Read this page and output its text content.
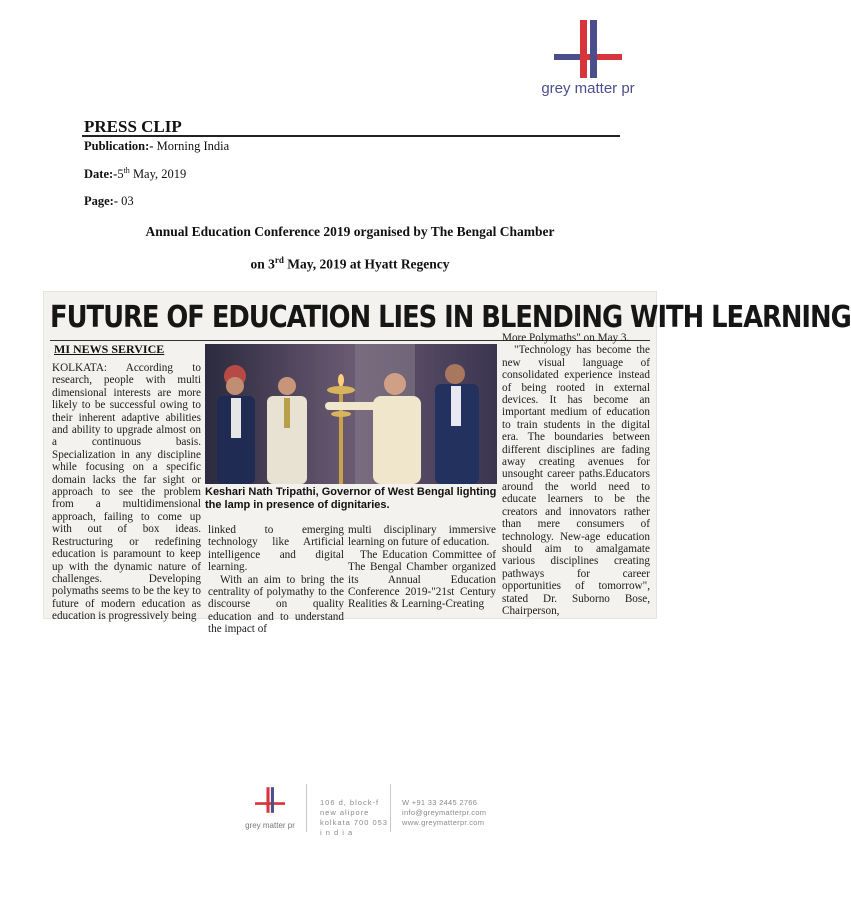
grey matter pr
PRESS CLIP
Publication:- Morning India
Date:-5th May, 2019
Page:- 03
Annual Education Conference 2019 organised by The Bengal Chamber
on 3rd May, 2019 at Hyatt Regency
FUTURE OF EDUCATION LIES IN BLENDING WITH LEARNING
MI NEWS SERVICE

KOLKATA: According to research, people with multi dimensional interests are more likely to be successful owing to their inherent adaptive abilities and ability to upgrade almost on a continuous basis. Specialization in any discipline while focusing on a specific domain lacks the far sight or approach to see the problem from a multidimensional approach, failing to come up with out of box ideas. Restructuring or redefining education is paramount to keep up with the dynamic nature of challenges. Developing polymaths seems to be the key to future of modern education as education is progressively being

Keshari Nath Tripathi, Governor of West Bengal lighting the lamp in presence of dignitaries.

linked to emerging technology like Artificial intelligence and digital learning.

With an aim to bring the centrality of polymathy to the discourse on quality education and to understand the impact of

multi disciplinary immersive learning on future of education.

The Education Committee of The Bengal Chamber organized its Annual Education Conference 2019-"21st Century Realities & Learning-Creating

More Polymaths" on May 3.

"Technology has become the new visual language of consolidated experience instead of being rooted in external devices. It has become an important medium of education to train students in the digital era. The boundaries between different disciplines are fading away creating avenues for unsought career paths.Educators around the world need to educate learners to be the creators and innovators rather than mere consumers of technology. New-age education should aim to amalgamate various disciplines creating pathways for career opportunities of tomorrow", stated Dr. Suborno Bose, Chairperson,

grey matter pr
106 d, block-f
new alipore
kolkata 700 053
i n d i a
W +91 33 2445 2766
info@greymatterpr.com
www.greymatterpr.com
